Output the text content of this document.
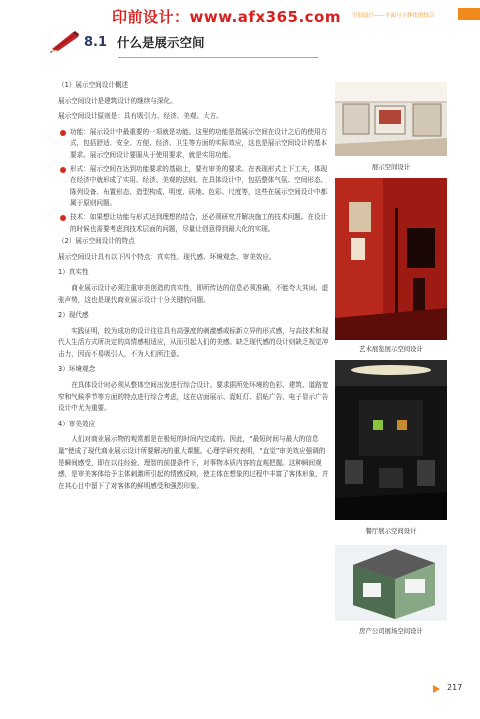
印前设计：www.afx365.com 空间设计——平面与立体化的结合
8.1 什么是展示空间

（1）展示空间设计概述

展示空间设计是建筑设计的继续与深化。

展示空间设计原则是：具有吸引力、经济、美观、大方。

功能：展示设计中最重要的一项就是功能。这里的功能是指展示空间在设计之后的使用方式，包括舒适、安全、方便、经济、卫生等方面的实际效应，这也是展示空间设计的基本要求。展示空间设计要服从于使用要求，就是实用功能。

形式：展示空间在达到功能要求的基础上，要有审美的要求。在表现形式上下工夫，体现在经济中就形成了实用、经济、美观的法则。在具体设计中，包括整体气氛、空间形态、陈列设备、布置形态、造型构成、明度、质地、色彩、尺度等，这些在展示空间设计中都属于原则问题。

技术：如果想让功能与形式达到理想的结合，还必须研究并解决施工的技术问题。在设计的时候也需要考虑到技术层面的问题，尽量让创意得到最大化的实现。

（2）展示空间设计的特点

展示空间设计具有以下四个特点：真实性、现代感、环境观念、审美效应。

1）真实性

商业展示设计必须注重审美创造的真实性，即所传达的信息必须准确，不能夸大其词、虚张声势，这也是现代商业展示设计十分关键的问题。

2）现代感

实践证明，较为成功的设计往往具有高强度的刺激感或标新立异的形式感，与高技术和现代人生活方式所决定的高情感相适应，从而引起人们的美感。缺乏现代感的设计则缺乏视觉冲击力，因而不易吸引人，不为人们所注意。

3）环境观念

在具体设计时必须从整体空间出发进行综合设计。要求据所处环境的色彩、建筑、道路宽窄和气候季节等方面的特点进行综合考虑，这在店面展示、霓虹灯、招贴广告、电子显示广告设计中尤为重要。

4）审美效应

人们对商业展示物的观赏都是在极短的时间内完成的。因此，“最短时间与最大的信息量”使成了现代商业展示设计所要解决的重大课题。心理学研究表明，“直觉”审美效应强调的是瞬间感受，即在以往经验、理智的前提条件下，对事物本质内容的直观把握。这种瞬间观感，是审美客体给予主体刺激所引起的情感反映，使主体在想象的过程中丰富了客体形象，并在其心目中留下了对客体的鲜明感受和强烈印象。

展示空间设计
艺术展览展示空间设计
餐厅展示空间设计
房产公司展场空间设计
217
